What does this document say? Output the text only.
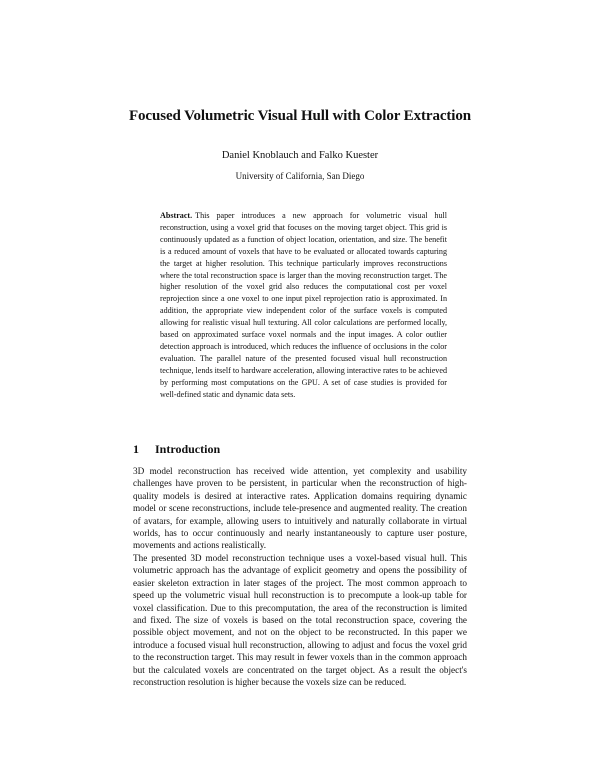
Focused Volumetric Visual Hull with Color Extraction
Daniel Knoblauch and Falko Kuester
University of California, San Diego
Abstract. This paper introduces a new approach for volumetric visual hull reconstruction, using a voxel grid that focuses on the moving target object. This grid is continuously updated as a function of object location, orientation, and size. The benefit is a reduced amount of voxels that have to be evaluated or allocated towards capturing the target at higher resolution. This technique particularly improves reconstructions where the total reconstruction space is larger than the moving reconstruction target. The higher resolution of the voxel grid also reduces the computational cost per voxel reprojection since a one voxel to one input pixel reprojection ratio is approximated. In addition, the appropriate view independent color of the surface voxels is computed allowing for realistic visual hull texturing. All color calculations are performed locally, based on approximated surface voxel normals and the input images. A color outlier detection approach is introduced, which reduces the influence of occlusions in the color evaluation. The parallel nature of the presented focused visual hull reconstruction technique, lends itself to hardware acceleration, allowing interactive rates to be achieved by performing most computations on the GPU. A set of case studies is provided for well-defined static and dynamic data sets.
1 Introduction
3D model reconstruction has received wide attention, yet complexity and usability challenges have proven to be persistent, in particular when the reconstruction of high-quality models is desired at interactive rates. Application domains requiring dynamic model or scene reconstructions, include tele-presence and augmented reality. The creation of avatars, for example, allowing users to intuitively and naturally collaborate in virtual worlds, has to occur continuously and nearly instantaneously to capture user posture, movements and actions realistically.
The presented 3D model reconstruction technique uses a voxel-based visual hull. This volumetric approach has the advantage of explicit geometry and opens the possibility of easier skeleton extraction in later stages of the project. The most common approach to speed up the volumetric visual hull reconstruction is to precompute a look-up table for voxel classification. Due to this precomputation, the area of the reconstruction is limited and fixed. The size of voxels is based on the total reconstruction space, covering the possible object movement, and not on the object to be reconstructed. In this paper we introduce a focused visual hull reconstruction, allowing to adjust and focus the voxel grid to the reconstruction target. This may result in fewer voxels than in the common approach but the calculated voxels are concentrated on the target object. As a result the object's reconstruction resolution is higher because the voxels size can be reduced.
